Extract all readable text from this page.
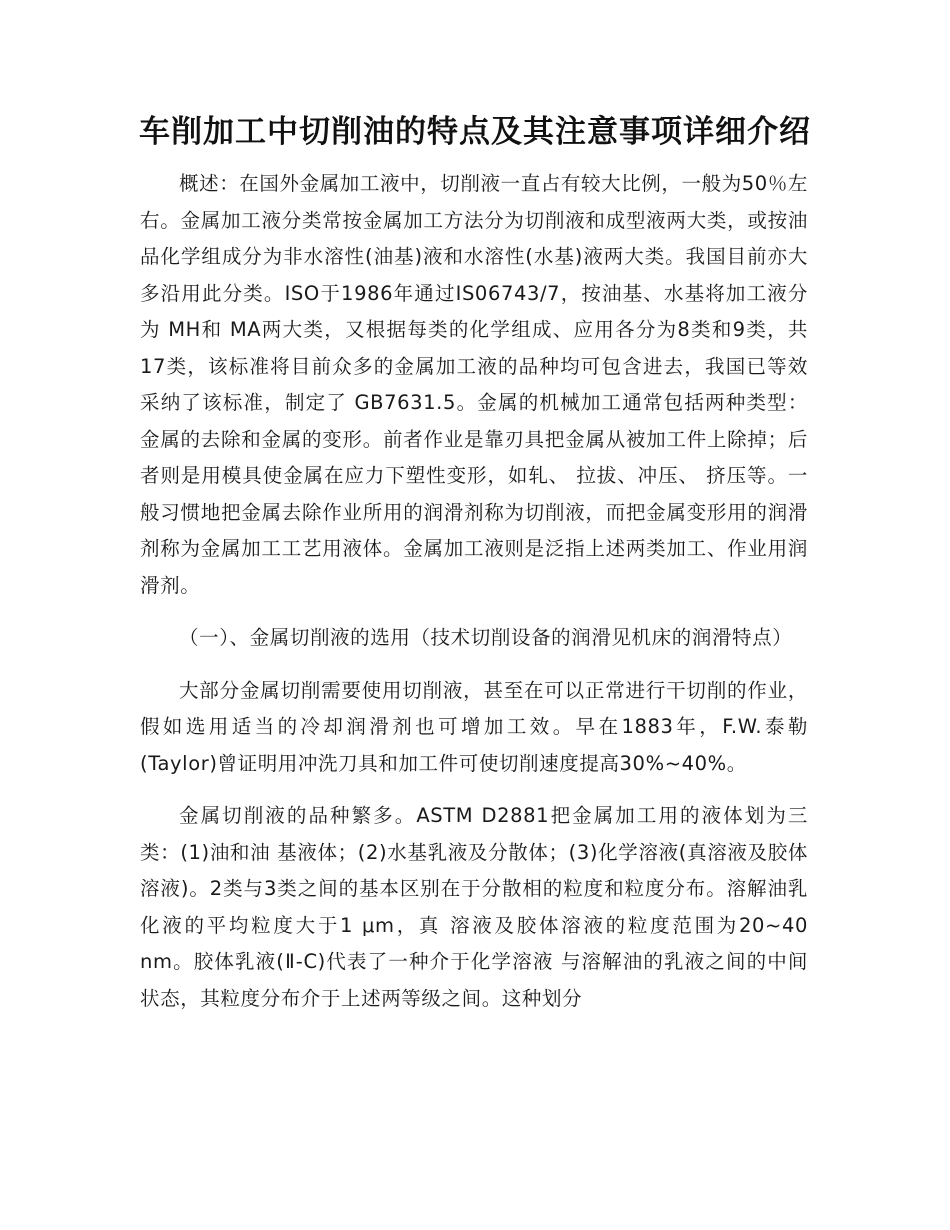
车削加工中切削油的特点及其注意事项详细介绍

概述：在国外金属加工液中，切削液一直占有较大比例，一般为50％左右。金属加工液分类常按金属加工方法分为切削液和成型液两大类，或按油品化学组成分为非水溶性(油基)液和水溶性(水基)液两大类。我国目前亦大多沿用此分类。ISO于1986年通过IS06743/7，按油基、水基将加工液分为 MH和 MA两大类，又根据每类的化学组成、应用各分为8类和9类，共17类，该标准将目前众多的金属加工液的品种均可包含进去，我国已等效采纳了该标准，制定了 GB7631.5。金属的机械加工通常包括两种类型：金属的去除和金属的变形。前者作业是靠刃具把金属从被加工件上除掉；后者则是用模具使金属在应力下塑性变形，如轧、 拉拔、冲压、 挤压等。一般习惯地把金属去除作业所用的润滑剂称为切削液，而把金属变形用的润滑剂称为金属加工工艺用液体。金属加工液则是泛指上述两类加工、作业用润滑剂。

（一）、金属切削液的选用（技术切削设备的润滑见机床的润滑特点）

大部分金属切削需要使用切削液，甚至在可以正常进行干切削的作业，假如选用适当的冷却润滑剂也可增加工效。早在1883年，F.W.泰勒(Taylor)曾证明用冲洗刀具和加工件可使切削速度提高30%~40%。

金属切削液的品种繁多。ASTM D2881把金属加工用的液体划为三类：(1)油和油 基液体；(2)水基乳液及分散体；(3)化学溶液(真溶液及胶体溶液)。2类与3类之间的基本区别在于分散相的粒度和粒度分布。溶解油乳化液的平均粒度大于1 μm，真 溶液及胶体溶液的粒度范围为20~40 nm。胶体乳液(Ⅱ-C)代表了一种介于化学溶液 与溶解油的乳液之间的中间状态，其粒度分布介于上述两等级之间。这种划分
